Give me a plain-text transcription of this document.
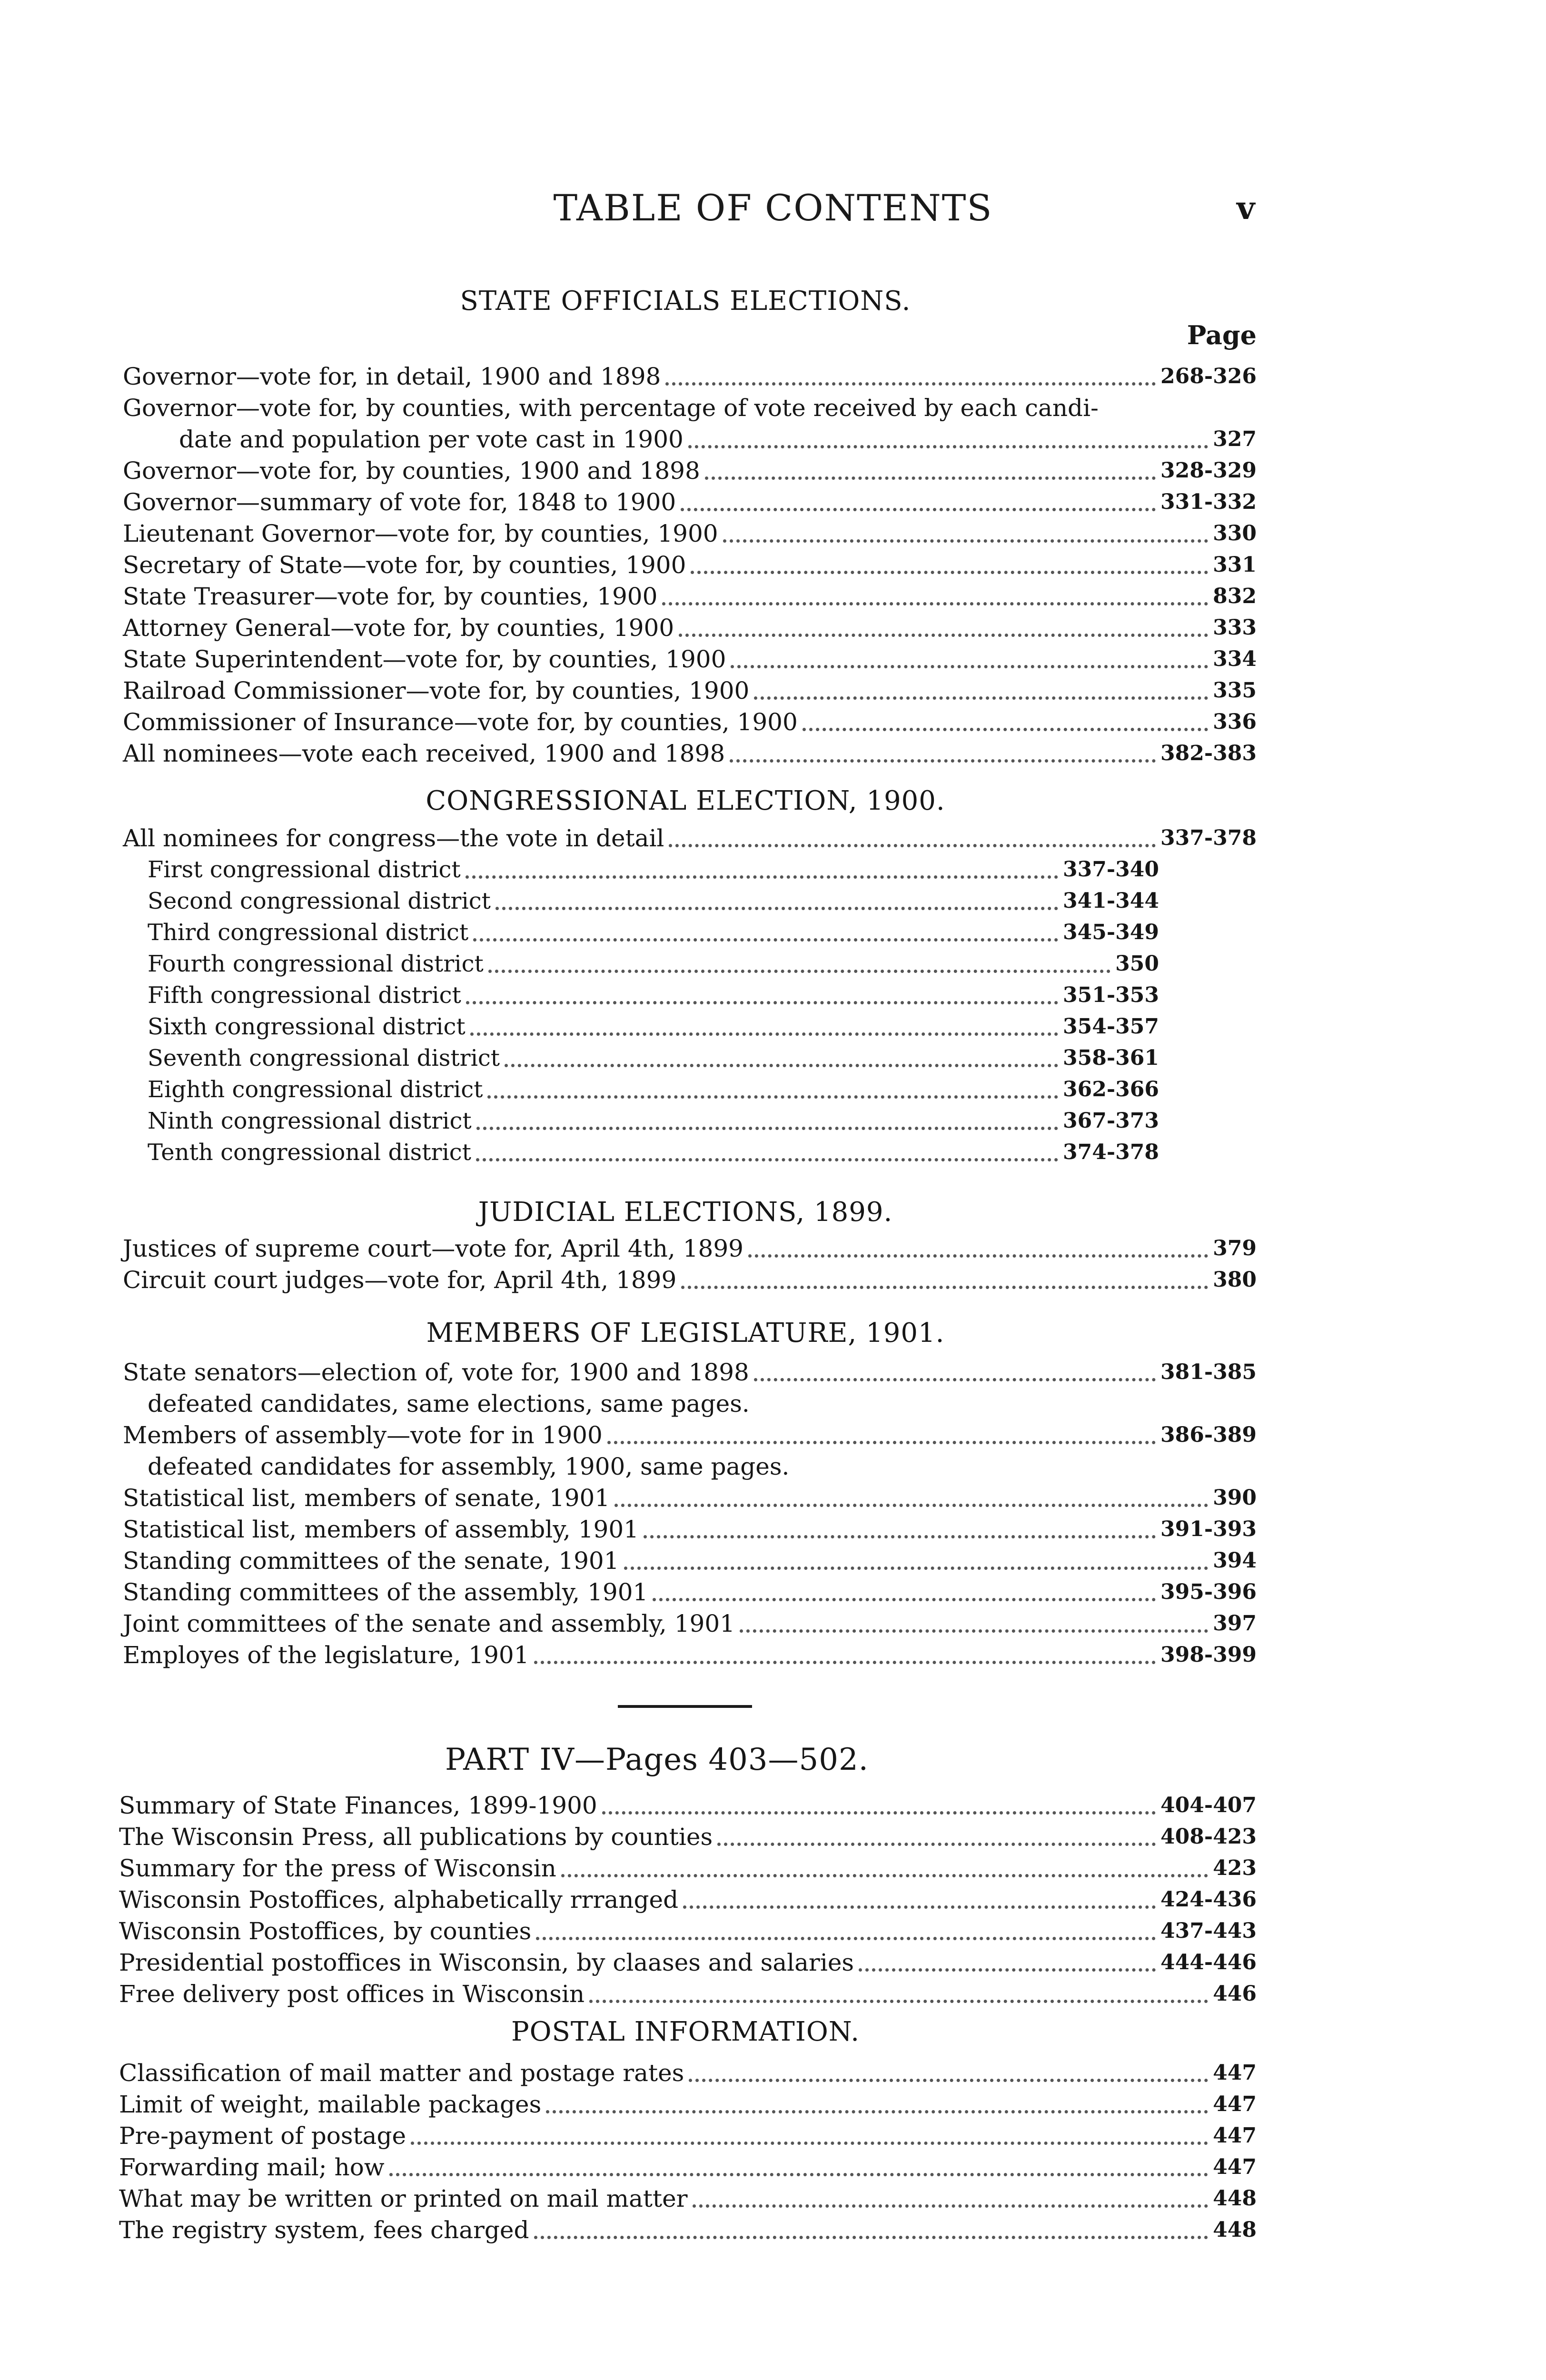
TABLE OF CONTENTS	v
STATE OFFICIALS ELECTIONS.
Page
Governor—vote for, in detail, 1900 and 1898	268-326
Governor—vote for, by counties, with percentage of vote received by each candi-
date and population per vote cast in 1900	327
Governor—vote for, by counties, 1900 and 1898	328-329
Governor—summary of vote for, 1848 to 1900	331-332
Lieutenant Governor—vote for, by counties, 1900	330
Secretary of State—vote for, by counties, 1900	331
State Treasurer—vote for, by counties, 1900	832
Attorney General—vote for, by counties, 1900	333
State Superintendent—vote for, by counties, 1900	334
Railroad Commissioner—vote for, by counties, 1900	335
Commissioner of Insurance—vote for, by counties, 1900	336
All nominees—vote each received, 1900 and 1898	382-383
CONGRESSIONAL ELECTION, 1900.
All nominees for congress—the vote in detail	337-378
First congressional district	337-340
Second congressional district	341-344
Third congressional district	345-349
Fourth congressional district	350
Fifth congressional district	351-353
Sixth congressional district	354-357
Seventh congressional district	358-361
Eighth congressional district	362-366
Ninth congressional district	367-373
Tenth congressional district	374-378
JUDICIAL ELECTIONS, 1899.
Justices of supreme court—vote for, April 4th, 1899	379
Circuit court judges—vote for, April 4th, 1899	380
MEMBERS OF LEGISLATURE, 1901.
State senators—election of, vote for, 1900 and 1898	381-385
defeated candidates, same elections, same pages.
Members of assembly—vote for in 1900	386-389
defeated candidates for assembly, 1900, same pages.
Statistical list, members of senate, 1901	390
Statistical list, members of assembly, 1901	391-393
Standing committees of the senate, 1901	394
Standing committees of the assembly, 1901	395-396
Joint committees of the senate and assembly, 1901	397
Employes of the legislature, 1901	398-399
PART IV—Pages 403—502.
Summary of State Finances, 1899-1900	404-407
The Wisconsin Press, all publications by counties	408-423
Summary for the press of Wisconsin	423
Wisconsin Postoffices, alphabetically rrranged	424-436
Wisconsin Postoffices, by counties	437-443
Presidential postoffices in Wisconsin, by claases and salaries	444-446
Free delivery post offices in Wisconsin	446
POSTAL INFORMATION.
Classification of mail matter and postage rates	447
Limit of weight, mailable packages	447
Pre-payment of postage	447
Forwarding mail; how	447
What may be written or printed on mail matter	448
The registry system, fees charged	448
